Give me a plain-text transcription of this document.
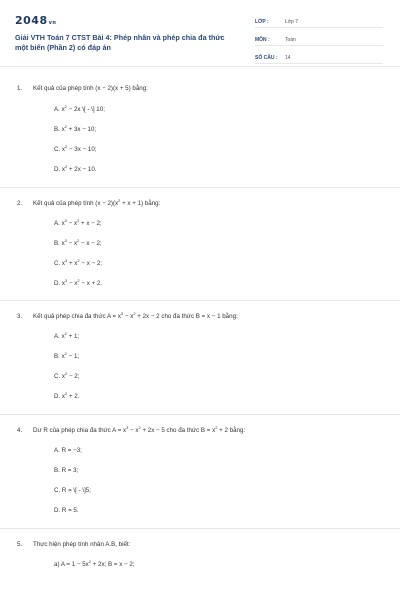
2048vn
Giải VTH Toán 7 CTST Bài 4: Phép nhân và phép chia đa thức một biến (Phần 2) có đáp án
LỚP :	Lớp 7
MÔN :	Toán
SỐ CÂU :	14
1.	Kết quả của phép tính (x − 2)(x + 5) bằng:
A. $x^2 - 2x$ \[ - \] 10;
B. $x^2 + 3x - 10$;
C. $x^2 - 3x - 10$;
D. $x^2 + 2x - 10$.
2.	Kết quả của phép tính $(x - 2)(x^2 + x + 1)$ bằng:
A. $x^3 - x^2 + x - 2$;
B. $x^3 - x^2 - x - 2$;
C. $x^3 + x^2 - x - 2$;
D. $x^3 - x^2 - x + 2$.
3.	Kết quả phép chia đa thức $A = x^3 - x^2 + 2x - 2$ cho đa thức B = x − 1 bằng:
A. $x^2 + 1$;
B. $x^2 - 1$;
C. $x^2 - 2$;
D. $x^2 + 2$.
4.	Dư R của phép chia đa thức $A = x^3 - x^2 + 2x - 5$ cho đa thức $B = x^2 + 2$ bằng:
A. R = −3;
B. R = 3;
C. R = \[ - \]5;
D. R = 5.
5.	Thực hiện phép tính nhân A.B, biết:
a) $A = 1 - 5x^2 + 2x$; B = x − 2;
